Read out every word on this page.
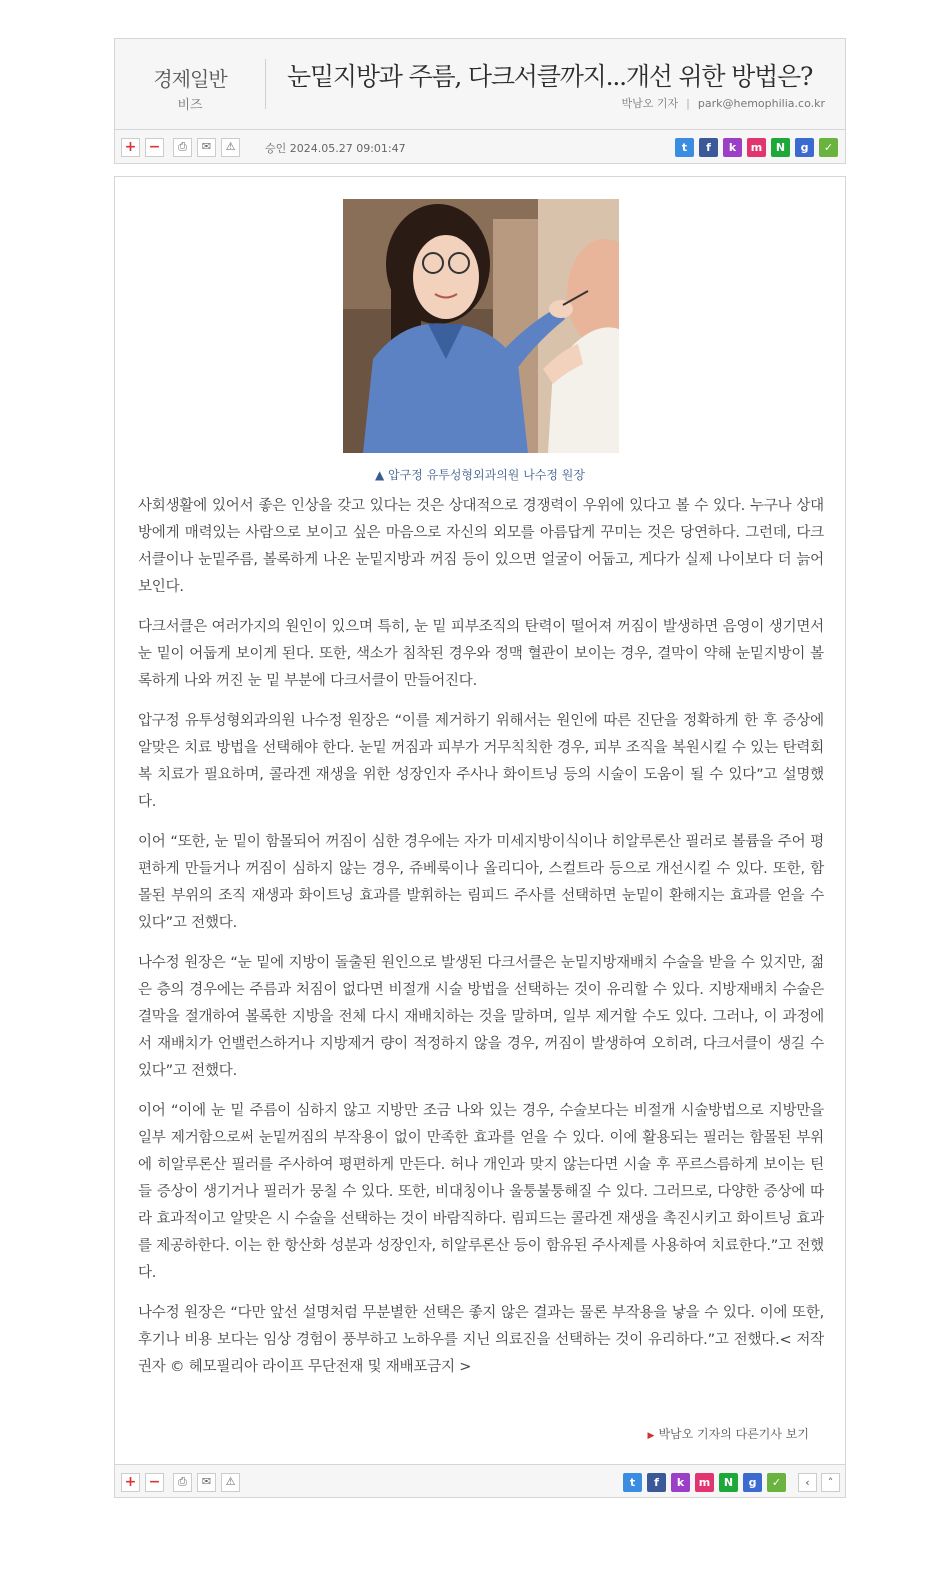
경제일반
비즈
눈밑지방과 주름, 다크서클까지...개선 위한 방법은?
박남오 기자 | park@hemophilia.co.kr
+ −	⎙	✉	⚠	승인 2024.05.27 09:01:47	t	f	k	m	N	g	✓
▲ 압구정 유투성형외과의원 나수정 원장

사회생활에 있어서 좋은 인상을 갖고 있다는 것은 상대적으로 경쟁력이 우위에 있다고 볼 수 있다. 누구나 상대방에게 매력있는 사람으로 보이고 싶은 마음으로 자신의 외모를 아름답게 꾸미는 것은 당연하다. 그런데, 다크서클이나 눈밑주름, 볼록하게 나온 눈밑지방과 꺼짐 등이 있으면 얼굴이 어둡고, 게다가 실제 나이보다 더 늙어 보인다.

다크서클은 여러가지의 원인이 있으며 특히, 눈 밑 피부조직의 탄력이 떨어져 꺼짐이 발생하면 음영이 생기면서 눈 밑이 어둡게 보이게 된다. 또한, 색소가 침착된 경우와 정맥 혈관이 보이는 경우, 결막이 약해 눈밑지방이 볼록하게 나와 꺼진 눈 밑 부분에 다크서클이 만들어진다.

압구정 유투성형외과의원 나수정 원장은 “이를 제거하기 위해서는 원인에 따른 진단을 정확하게 한 후 증상에 알맞은 치료 방법을 선택해야 한다. 눈밑 꺼짐과 피부가 거무칙칙한 경우, 피부 조직을 복원시킬 수 있는 탄력회복 치료가 필요하며, 콜라겐 재생을 위한 성장인자 주사나 화이트닝 등의 시술이 도움이 될 수 있다”고 설명했다.

이어 “또한, 눈 밑이 함몰되어 꺼짐이 심한 경우에는 자가 미세지방이식이나 히알루론산 필러로 볼륨을 주어 평편하게 만들거나 꺼짐이 심하지 않는 경우, 쥬베룩이나 올리디아, 스컬트라 등으로 개선시킬 수 있다. 또한, 함몰된 부위의 조직 재생과 화이트닝 효과를 발휘하는 림피드 주사를 선택하면 눈밑이 환해지는 효과를 얻을 수 있다”고 전했다.

나수정 원장은 “눈 밑에 지방이 돌출된 원인으로 발생된 다크서클은 눈밑지방재배치 수술을 받을 수 있지만, 젊은 층의 경우에는 주름과 처짐이 없다면 비절개 시술 방법을 선택하는 것이 유리할 수 있다. 지방재배치 수술은 결막을 절개하여 볼록한 지방을 전체 다시 재배치하는 것을 말하며, 일부 제거할 수도 있다. 그러나, 이 과정에서 재배치가 언밸런스하거나 지방제거 량이 적정하지 않을 경우, 꺼짐이 발생하여 오히려, 다크서클이 생길 수 있다”고 전했다.

이어 “이에 눈 밑 주름이 심하지 않고 지방만 조금 나와 있는 경우, 수술보다는 비절개 시술방법으로 지방만을 일부 제거함으로써 눈밑꺼짐의 부작용이 없이 만족한 효과를 얻을 수 있다. 이에 활용되는 필러는 함몰된 부위에 히알루론산 필러를 주사하여 평편하게 만든다. 허나 개인과 맞지 않는다면 시술 후 푸르스름하게 보이는 틴들 증상이 생기거나 필러가 뭉칠 수 있다. 또한, 비대칭이나 울퉁불퉁해질 수 있다. 그러므로, 다양한 증상에 따라 효과적이고 알맞은 시 수술을 선택하는 것이 바람직하다. 림피드는 콜라겐 재생을 촉진시키고 화이트닝 효과를 제공하한다. 이는 한 항산화 성분과 성장인자, 히알루론산 등이 함유된 주사제를 사용하여 치료한다.”고 전했다.

나수정 원장은 “다만 앞선 설명처럼 무분별한 선택은 좋지 않은 결과는 물론 부작용을 낳을 수 있다. 이에 또한, 후기나 비용 보다는 임상 경험이 풍부하고 노하우를 지닌 의료진을 선택하는 것이 유리하다.”고 전했다.< 저작권자 © 헤모필리아 라이프 무단전재 및 재배포금지 >

▶ 박남오 기자의 다른기사 보기
+ −	⎙	✉	⚠	‹	˄
t	f	k	m	N	g	✓
